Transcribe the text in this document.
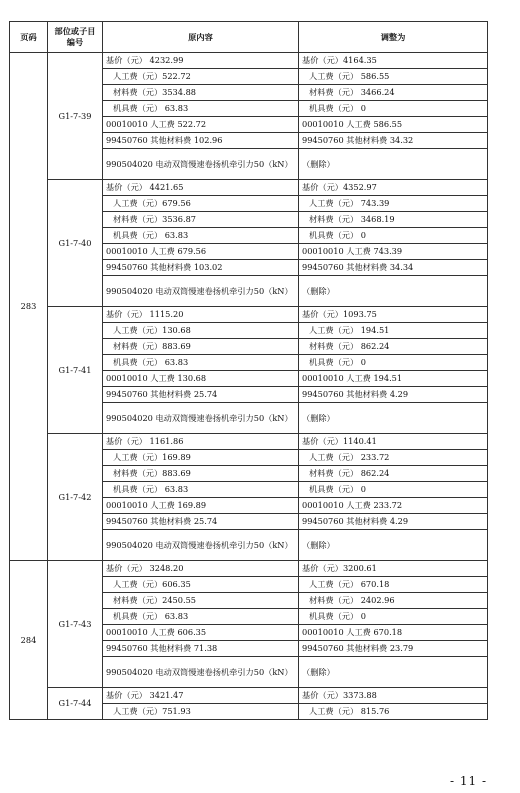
页码	部位或子目编号	原内容	调整为
283	G1-7-39	基价（元） 4232.99	基价（元）4164.35
		人工费（元）522.72	人工费（元） 586.55
		材料费（元）3534.88	材料费（元） 3466.24
		机具费（元） 63.83	机具费（元） 0
		00010010 人工费 522.72	00010010 人工费 586.55
		99450760 其他材料费 102.96	99450760 其他材料费 34.32
		990504020 电动双筒慢速卷扬机牵引力50（kN）	（删除）
	G1-7-40	基价（元） 4421.65	基价（元）4352.97
		人工费（元）679.56	人工费（元） 743.39
		材料费（元）3536.87	材料费（元） 3468.19
		机具费（元） 63.83	机具费（元） 0
		00010010 人工费 679.56	00010010 人工费 743.39
		99450760 其他材料费 103.02	99450760 其他材料费 34.34
		990504020 电动双筒慢速卷扬机牵引力50（kN）	（删除）
	G1-7-41	基价（元） 1115.20	基价（元）1093.75
		人工费（元）130.68	人工费（元） 194.51
		材料费（元）883.69	材料费（元） 862.24
		机具费（元） 63.83	机具费（元） 0
		00010010 人工费 130.68	00010010 人工费 194.51
		99450760 其他材料费 25.74	99450760 其他材料费 4.29
		990504020 电动双筒慢速卷扬机牵引力50（kN）	（删除）
	G1-7-42	基价（元） 1161.86	基价（元）1140.41
		人工费（元）169.89	人工费（元） 233.72
		材料费（元）883.69	材料费（元） 862.24
		机具费（元） 63.83	机具费（元） 0
		00010010 人工费 169.89	00010010 人工费 233.72
		99450760 其他材料费 25.74	99450760 其他材料费 4.29
		990504020 电动双筒慢速卷扬机牵引力50（kN）	（删除）
284	G1-7-43	基价（元） 3248.20	基价（元）3200.61
		人工费（元）606.35	人工费（元） 670.18
		材料费（元）2450.55	材料费（元） 2402.96
		机具费（元） 63.83	机具费（元） 0
		00010010 人工费 606.35	00010010 人工费 670.18
		99450760 其他材料费 71.38	99450760 其他材料费 23.79
		990504020 电动双筒慢速卷扬机牵引力50（kN）	（删除）
	G1-7-44	基价（元） 3421.47	基价（元）3373.88
		人工费（元）751.93	人工费（元） 815.76
- 11 -
